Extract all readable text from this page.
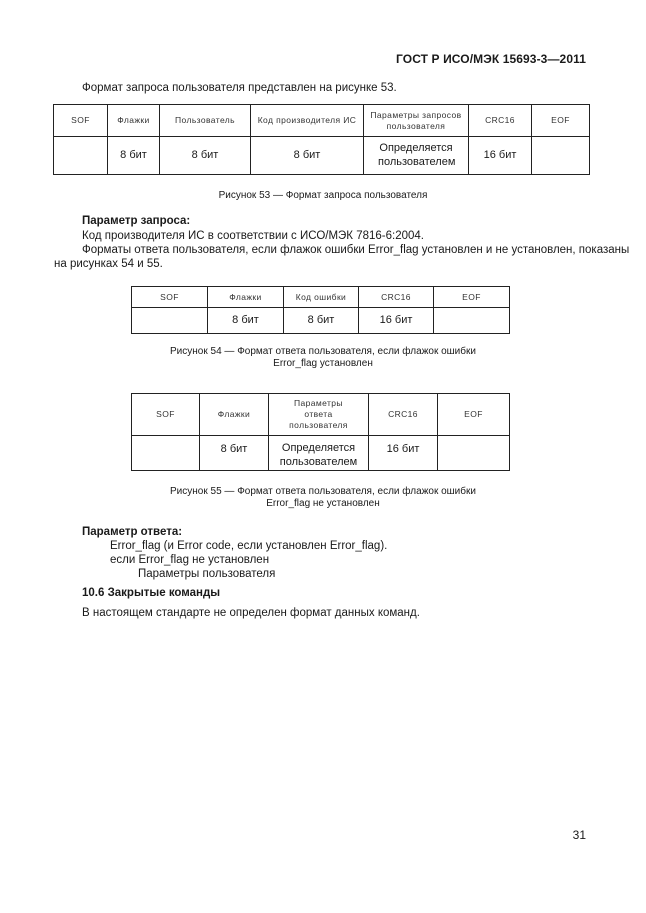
ГОСТ Р ИСО/МЭК 15693-3—2011
Формат запроса пользователя представлен на рисунке 53.
SOF	Флажки	Пользователь	Код производителя ИС	Параметры запросов пользователя	CRC16	EOF
	8 бит	8 бит	8 бит	Определяется пользователем	16 бит	
Рисунок 53 — Формат запроса пользователя
Параметр запроса:
Код производителя ИС в соответствии с ИСО/МЭК 7816-6:2004.
Форматы ответа пользователя, если флажок ошибки Error_flag установлен и не установлен, показаны
на рисунках 54 и 55.
SOF	Флажки	Код ошибки	CRC16	EOF
	8 бит	8 бит	16 бит	
Рисунок 54 — Формат ответа пользователя, если флажок ошибки
Error_flag установлен
SOF	Флажки	Параметры ответа пользователя	CRC16	EOF
	8 бит	Определяется пользователем	16 бит	
Рисунок 55 — Формат ответа пользователя, если флажок ошибки
Error_flag не установлен
Параметр ответа:
Error_flag (и Error code, если установлен Error_flag).
если Error_flag не установлен
Параметры пользователя
10.6 Закрытые команды
В настоящем стандарте не определен формат данных команд.
31
